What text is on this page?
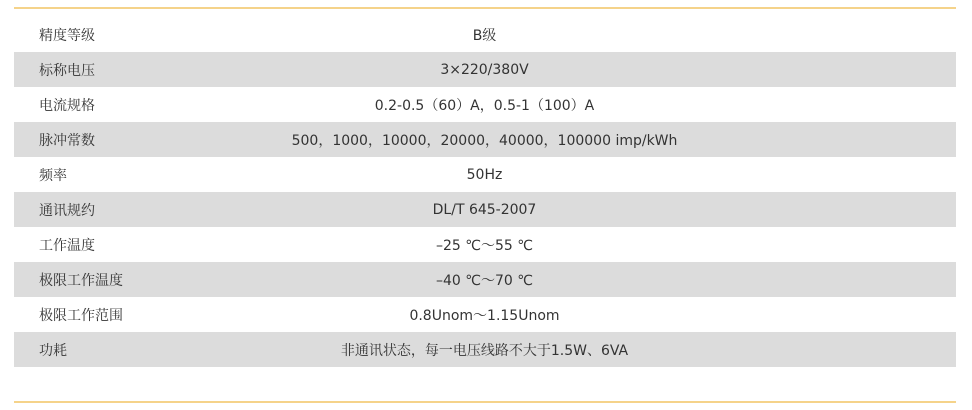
精度等级	B级
标称电压	3×220/380V
电流规格	0.2-0.5（60）A，0.5-1（100）A
脉冲常数	500，1000，10000，20000，40000，100000 imp/kWh
频率	50Hz
通讯规约	DL/T 645-2007
工作温度	–25 ℃～55 ℃
极限工作温度	–40 ℃～70 ℃
极限工作范围	0.8Unom～1.15Unom
功耗	非通讯状态，每一电压线路不大于1.5W、6VA
